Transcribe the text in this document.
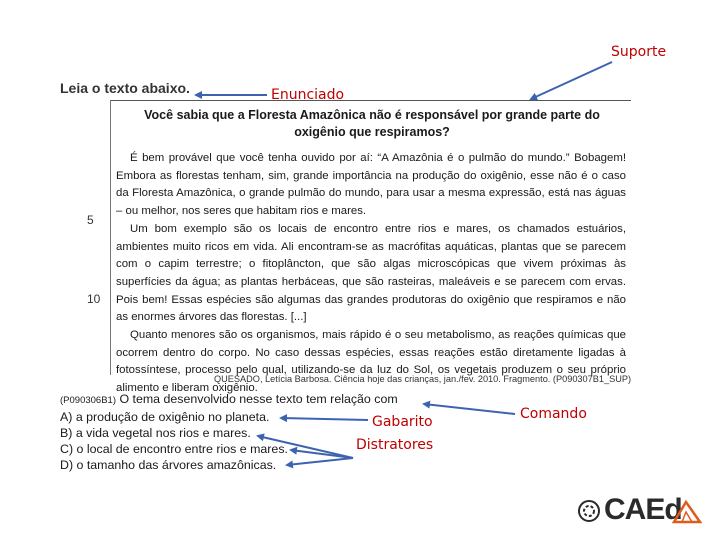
Suporte
Enunciado
Gabarito	Comando
Distratores
Leia o texto abaixo.
Você sabia que a Floresta Amazônica não é responsável por grande parte do oxigênio que respiramos?

É bem provável que você tenha ouvido por aí: “A Amazônia é o pulmão do mundo.” Bobagem! Embora as florestas tenham, sim, grande importância na produção do oxigênio, esse não é o caso da Floresta Amazônica, o grande pulmão do mundo, para usar a mesma expressão, está nas águas – ou melhor, nos seres que habitam rios e mares.

Um bom exemplo são os locais de encontro entre rios e mares, os chamados estuários, ambientes muito ricos em vida. Ali encontram-se as macrófitas aquáticas, plantas que se parecem com o capim terrestre; o fitoplâncton, que são algas microscópicas que vivem próximas às superfícies da água; as plantas herbáceas, que são rasteiras, maleáveis e se parecem com ervas. Pois bem! Essas espécies são algumas das grandes produtoras do oxigênio que respiramos e não as enormes árvores das florestas. [...]

Quanto menores são os organismos, mais rápido é o seu metabolismo, as reações químicas que ocorrem dentro do corpo. No caso dessas espécies, essas reações estão diretamente ligadas à fotossíntese, processo pelo qual, utilizando-se da luz do Sol, os vegetais produzem o seu próprio alimento e liberam oxigênio.

5
10
QUESADO, Letícia Barbosa. Ciência hoje das crianças, jan./fev. 2010. Fragmento. (P090307B1_SUP)
(P090306B1) O tema desenvolvido nesse texto tem relação com
A) a produção de oxigênio no planeta.
B) a vida vegetal nos rios e mares.
C) o local de encontro entre rios e mares.
D) o tamanho das árvores amazônicas.
CAEd
